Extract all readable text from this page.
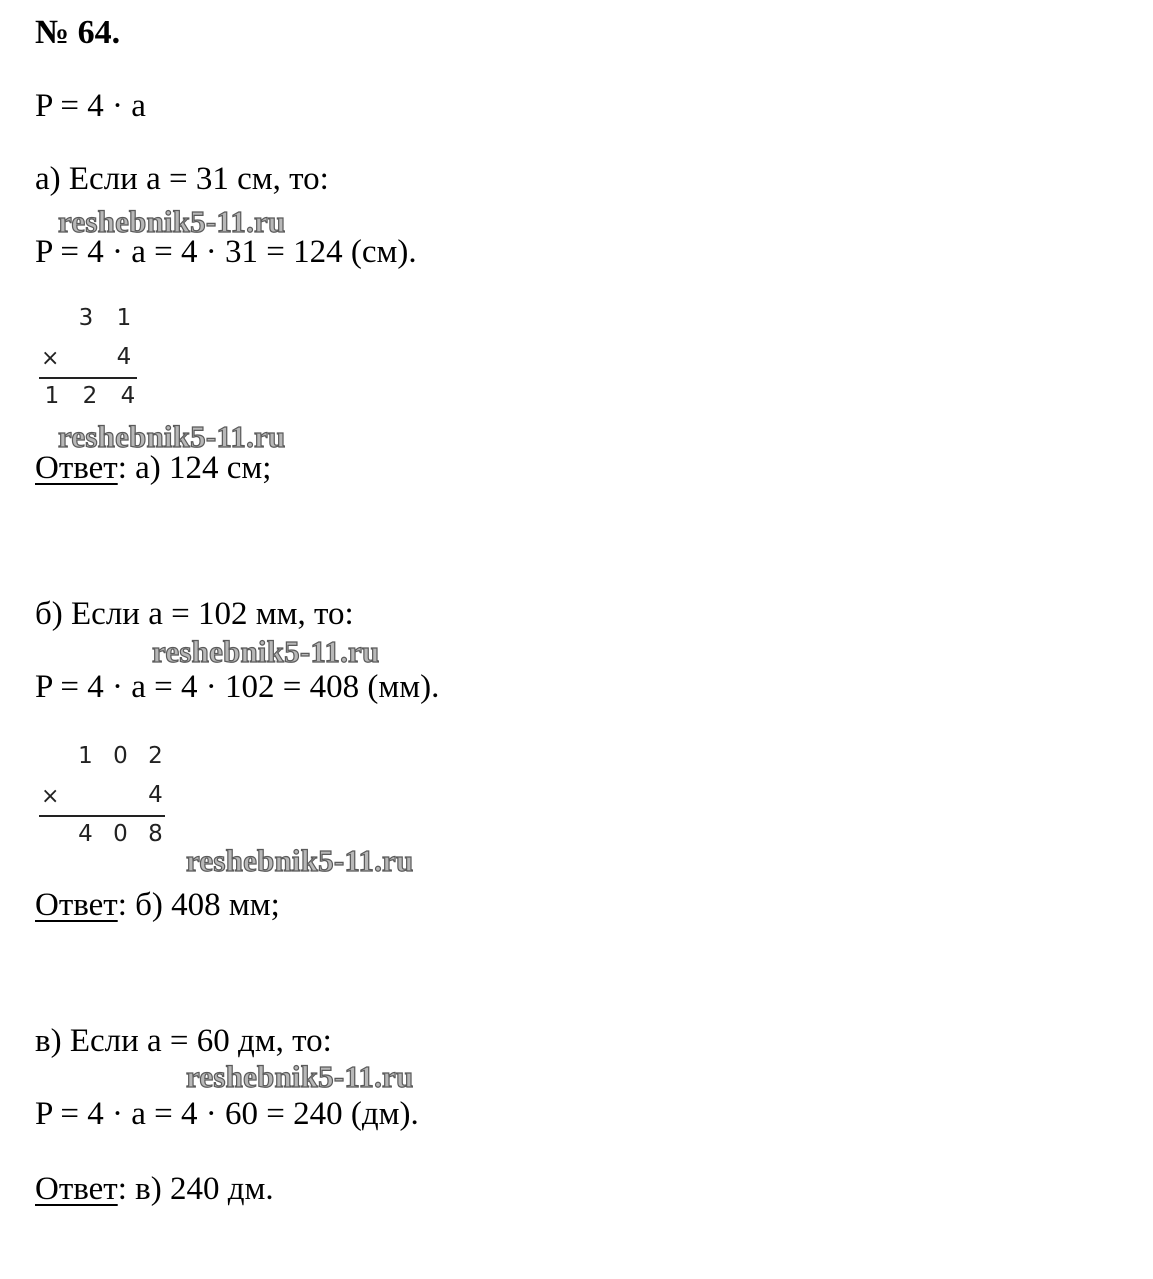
№ 64.
P = 4 · a
а) Если a = 31 см, то:
reshebnik5-11.ru
P = 4 · a = 4 · 31 = 124 (см).
3 1
×	4
1 2 4
reshebnik5-11.ru
Ответ: а) 124 см;
б) Если a = 102 мм, то:
reshebnik5-11.ru
P = 4 · a = 4 · 102 = 408 (мм).
1 0 2
×	4
4 0 8
reshebnik5-11.ru
Ответ: б) 408 мм;
в) Если a = 60 дм, то:
reshebnik5-11.ru
P = 4 · a = 4 · 60 = 240 (дм).
Ответ: в) 240 дм.
